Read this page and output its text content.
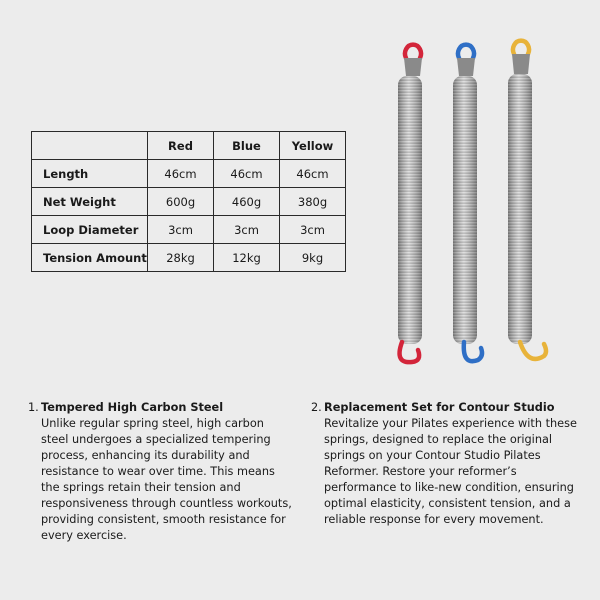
	Red	Blue	Yellow
Length	46cm	46cm	46cm
Net Weight	600g	460g	380g
Loop Diameter	3cm	3cm	3cm
Tension Amount	28kg	12kg	9kg
1. Tempered High Carbon Steel
Unlike regular spring steel, high carbon steel undergoes a specialized tempering process, enhancing its durability and resistance to wear over time. This means the springs retain their tension and responsiveness through countless workouts, providing consistent, smooth resistance for every exercise.
2. Replacement Set for Contour Studio
Revitalize your Pilates experience with these springs, designed to replace the original springs on your Contour Studio Pilates Reformer. Restore your reformer’s performance to like-new condition, ensuring optimal elasticity, consistent tension, and a reliable response for every movement.
